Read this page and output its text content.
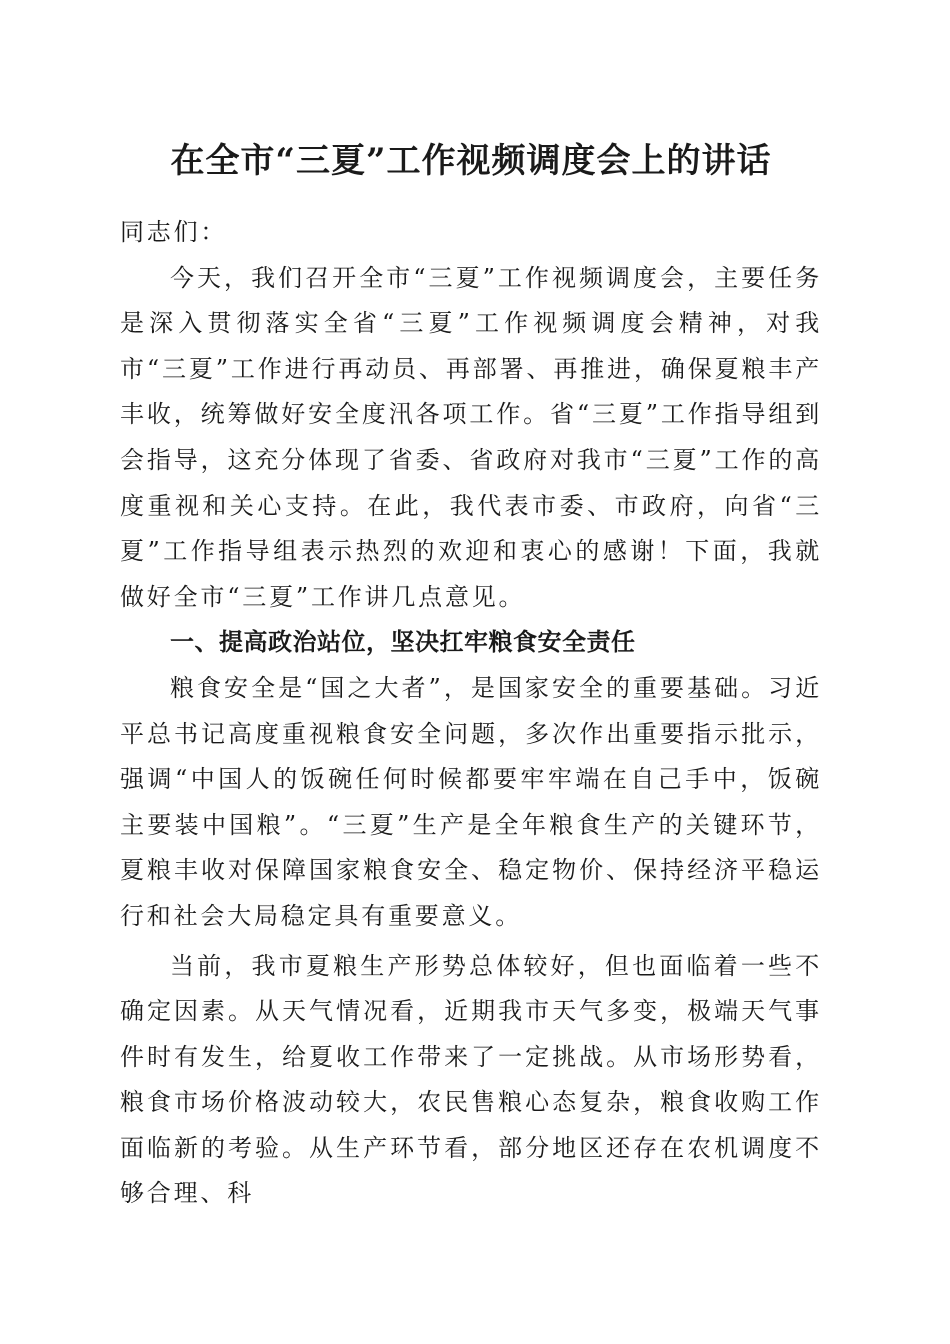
在全市“三夏”工作视频调度会上的讲话

同志们：

今天，我们召开全市“三夏”工作视频调度会，主要任务是深入贯彻落实全省“三夏”工作视频调度会精神，对我市“三夏”工作进行再动员、再部署、再推进，确保夏粮丰产丰收，统筹做好安全度汛各项工作。省“三夏”工作指导组到会指导，这充分体现了省委、省政府对我市“三夏”工作的高度重视和关心支持。在此，我代表市委、市政府，向省“三夏”工作指导组表示热烈的欢迎和衷心的感谢！下面，我就做好全市“三夏”工作讲几点意见。

一、提高政治站位，坚决扛牢粮食安全责任

粮食安全是“国之大者”，是国家安全的重要基础。习近平总书记高度重视粮食安全问题，多次作出重要指示批示，强调“中国人的饭碗任何时候都要牢牢端在自己手中，饭碗主要装中国粮”。“三夏”生产是全年粮食生产的关键环节，夏粮丰收对保障国家粮食安全、稳定物价、保持经济平稳运行和社会大局稳定具有重要意义。

当前，我市夏粮生产形势总体较好，但也面临着一些不确定因素。从天气情况看，近期我市天气多变，极端天气事件时有发生，给夏收工作带来了一定挑战。从市场形势看，粮食市场价格波动较大，农民售粮心态复杂，粮食收购工作面临新的考验。从生产环节看，部分地区还存在农机调度不够合理、科
